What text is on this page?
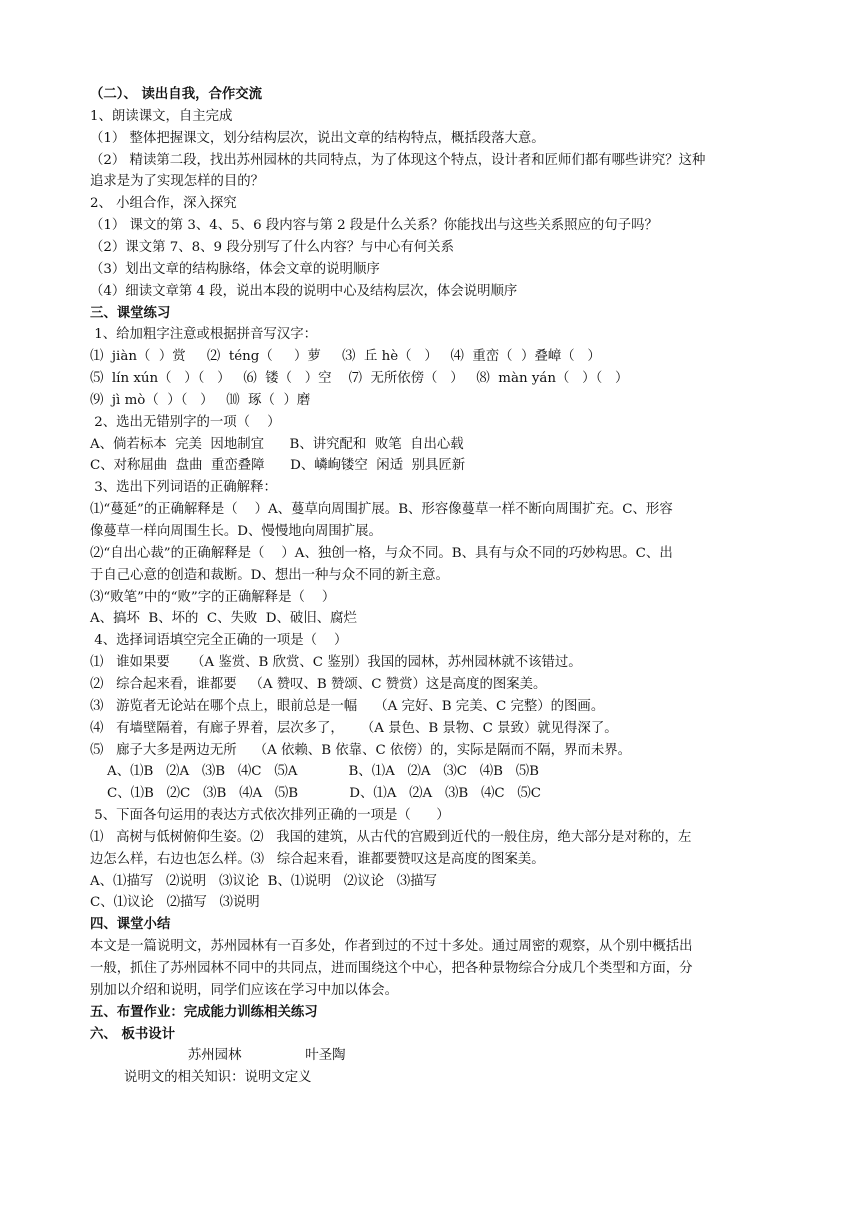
（二）、 读出自我，合作交流
1、朗读课文，自主完成
（1） 整体把握课文，划分结构层次，说出文章的结构特点，概括段落大意。
（2） 精读第二段，找出苏州园林的共同特点，为了体现这个特点，设计者和匠师们都有哪些讲究？这种
追求是为了实现怎样的目的？
2、 小组合作，深入探究
（1） 课文的第 3、4、5、6 段内容与第 2 段是什么关系？你能找出与这些关系照应的句子吗？
（2）课文第 7、8、9 段分别写了什么内容？与中心有何关系
（3）划出文章的结构脉络，体会文章的说明顺序
（4）细读文章第 4 段，说出本段的说明中心及结构层次，体会说明顺序
三、课堂练习
1、给加粗字注意或根据拼音写汉字：
⑴  jiàn（  ）赏     ⑵  téng（     ）萝     ⑶  丘 hè（   ）   ⑷  重峦（  ）叠嶂（   ）
⑸  lín xún（   ）（   ）   ⑹  镂（   ）空    ⑺  无所依傍（   ）   ⑻  màn yán（   ）（   ）
⑼  jì mò（  ）（   ）   ⑽  琢（  ）磨
2、选出无错别字的一项（    ）
A、倘若标本  完美  因地制宜      B、讲究配和  败笔  自出心载
C、对称屈曲  盘曲  重峦叠障      D、嶙峋镂空  闲适  别具匠新
3、选出下列词语的正确解释：
⑴“蔓延”的正确解释是（    ）A、蔓草向周围扩展。B、形容像蔓草一样不断向周围扩充。C、形容
像蔓草一样向周围生长。D、慢慢地向周围扩展。
⑵“自出心裁”的正确解释是（    ）A、独创一格，与众不同。B、具有与众不同的巧妙构思。C、出
于自己心意的创造和裁断。D、想出一种与众不同的新主意。
⑶“败笔”中的“败”字的正确解释是（    ）
A、搞坏  B、坏的  C、失败  D、破旧、腐烂
4、选择词语填空完全正确的一项是（    ）
⑴   谁如果要     （A 鉴赏、B 欣赏、C 鉴别）我国的园林，苏州园林就不该错过。
⑵   综合起来看，谁都要   （A 赞叹、B 赞颂、C 赞赏）这是高度的图案美。
⑶   游览者无论站在哪个点上，眼前总是一幅    （A 完好、B 完美、C 完整）的图画。
⑷   有墙壁隔着，有廊子界着，层次多了，    （A 景色、B 景物、C 景致）就见得深了。
⑸   廊子大多是两边无所    （A 依赖、B 依靠、C 依傍）的，实际是隔而不隔，界而未界。
A、⑴B   ⑵A   ⑶B   ⑷C   ⑸A            B、⑴A   ⑵A   ⑶C   ⑷B   ⑸B
C、⑴B   ⑵C   ⑶B   ⑷A   ⑸B            D、⑴A   ⑵A   ⑶B   ⑷C   ⑸C
5、下面各句运用的表达方式依次排列正确的一项是（      ）
⑴   高树与低树俯仰生姿。⑵   我国的建筑，从古代的宫殿到近代的一般住房，绝大部分是对称的，左
边怎么样，右边也怎么样。⑶   综合起来看，谁都要赞叹这是高度的图案美。
A、⑴描写   ⑵说明   ⑶议论  B、⑴说明   ⑵议论   ⑶描写
C、⑴议论   ⑵描写   ⑶说明
四、课堂小结
本文是一篇说明文，苏州园林有一百多处，作者到过的不过十多处。通过周密的观察，从个别中概括出
一般，抓住了苏州园林不同中的共同点，进而围绕这个中心，把各种景物综合分成几个类型和方面，分
别加以介绍和说明，同学们应该在学习中加以体会。
五、布置作业：完成能力训练相关练习
六、 板书设计
苏州园林               叶圣陶
说明文的相关知识：说明文定义
